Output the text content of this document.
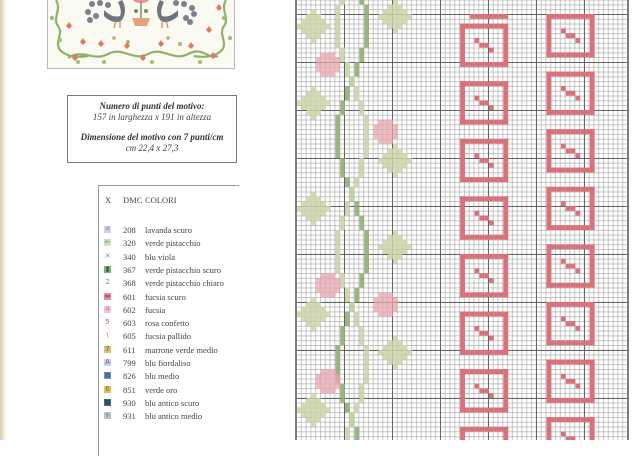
Numero di punti del motivo:
157 in larghezza x 191 in altezza
Dimensione del motivo con 7 punti/cm
cm 22,4 x 27,3
X DMC COLORI
✕ 208 lavanda scuro
← 320 verde pistacchio
✕ 340 blu viola
▮ 367 verde pistacchio scuro
2 368 verde pistacchio chiaro
▬ 601 fucsia scuro
4 602 fucsia
5 603 rosa confetto
\ 605 fucsia pallido
7 611 marrone verde medio
A 799 blu fiordaliso
■ 826 blu medio
6 851 verde oro
■ 930 blu antico scuro
+ 931 blu antico medio
